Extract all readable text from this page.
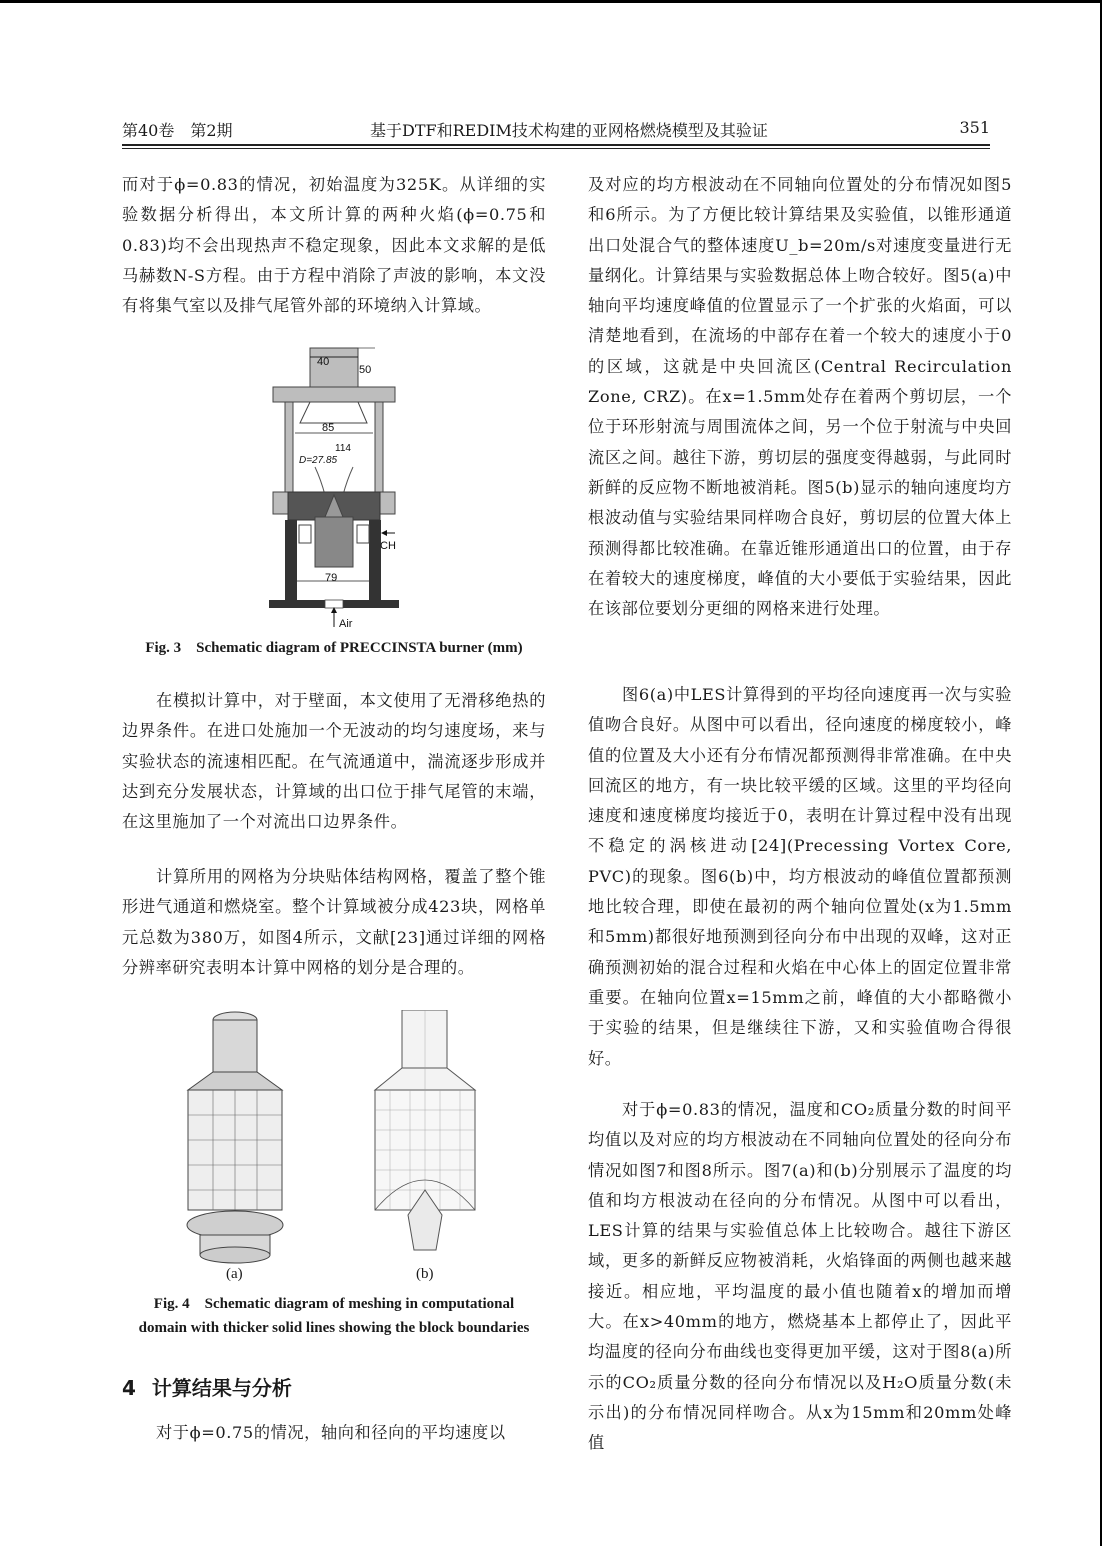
第40卷　第2期	基于DTF和REDIM技术构建的亚网格燃烧模型及其验证	351

而对于ϕ=0.83的情况，初始温度为325K。从详细的实验数据分析得出，本文所计算的两种火焰(ϕ=0.75和0.83)均不会出现热声不稳定现象，因此本文求解的是低马赫数N-S方程。由于方程中消除了声波的影响，本文没有将集气室以及排气尾管外部的环境纳入计算域。

40
50
85
114
D=27.85
CH
79
Air

Fig. 3　Schematic diagram of PRECCINSTA burner (mm)

在模拟计算中，对于壁面，本文使用了无滑移绝热的边界条件。在进口处施加一个无波动的均匀速度场，来与实验状态的流速相匹配。在气流通道中，湍流逐步形成并达到充分发展状态，计算域的出口位于排气尾管的末端，在这里施加了一个对流出口边界条件。

计算所用的网格为分块贴体结构网格，覆盖了整个锥形进气通道和燃烧室。整个计算域被分成423块，网格单元总数为380万，如图4所示，文献[23]通过详细的网格分辨率研究表明本计算中网格的划分是合理的。

(a)	(b)

Fig. 4　Schematic diagram of meshing in computational

domain with thicker solid lines showing the block boundaries

4 计算结果与分析

对于ϕ=0.75的情况，轴向和径向的平均速度以

及对应的均方根波动在不同轴向位置处的分布情况如图5和6所示。为了方便比较计算结果及实验值，以锥形通道出口处混合气的整体速度U_b=20m/s对速度变量进行无量纲化。计算结果与实验数据总体上吻合较好。图5(a)中轴向平均速度峰值的位置显示了一个扩张的火焰面，可以清楚地看到，在流场的中部存在着一个较大的速度小于0的区域，这就是中央回流区(Central Recirculation Zone, CRZ)。在x=1.5mm处存在着两个剪切层，一个位于环形射流与周围流体之间，另一个位于射流与中央回流区之间。越往下游，剪切层的强度变得越弱，与此同时新鲜的反应物不断地被消耗。图5(b)显示的轴向速度均方根波动值与实验结果同样吻合良好，剪切层的位置大体上预测得都比较准确。在靠近锥形通道出口的位置，由于存在着较大的速度梯度，峰值的大小要低于实验结果，因此在该部位要划分更细的网格来进行处理。

图6(a)中LES计算得到的平均径向速度再一次与实验值吻合良好。从图中可以看出，径向速度的梯度较小，峰值的位置及大小还有分布情况都预测得非常准确。在中央回流区的地方，有一块比较平缓的区域。这里的平均径向速度和速度梯度均接近于0，表明在计算过程中没有出现不稳定的涡核进动[24](Precessing Vortex Core, PVC)的现象。图6(b)中，均方根波动的峰值位置都预测地比较合理，即使在最初的两个轴向位置处(x为1.5mm和5mm)都很好地预测到径向分布中出现的双峰，这对正确预测初始的混合过程和火焰在中心体上的固定位置非常重要。在轴向位置x=15mm之前，峰值的大小都略微小于实验的结果，但是继续往下游，又和实验值吻合得很好。

对于ϕ=0.83的情况，温度和CO₂质量分数的时间平均值以及对应的均方根波动在不同轴向位置处的径向分布情况如图7和图8所示。图7(a)和(b)分别展示了温度的均值和均方根波动在径向的分布情况。从图中可以看出，LES计算的结果与实验值总体上比较吻合。越往下游区域，更多的新鲜反应物被消耗，火焰锋面的两侧也越来越接近。相应地，平均温度的最小值也随着x的增加而增大。在x>40mm的地方，燃烧基本上都停止了，因此平均温度的径向分布曲线也变得更加平缓，这对于图8(a)所示的CO₂质量分数的径向分布情况以及H₂O质量分数(未示出)的分布情况同样吻合。从x为15mm和20mm处峰值
